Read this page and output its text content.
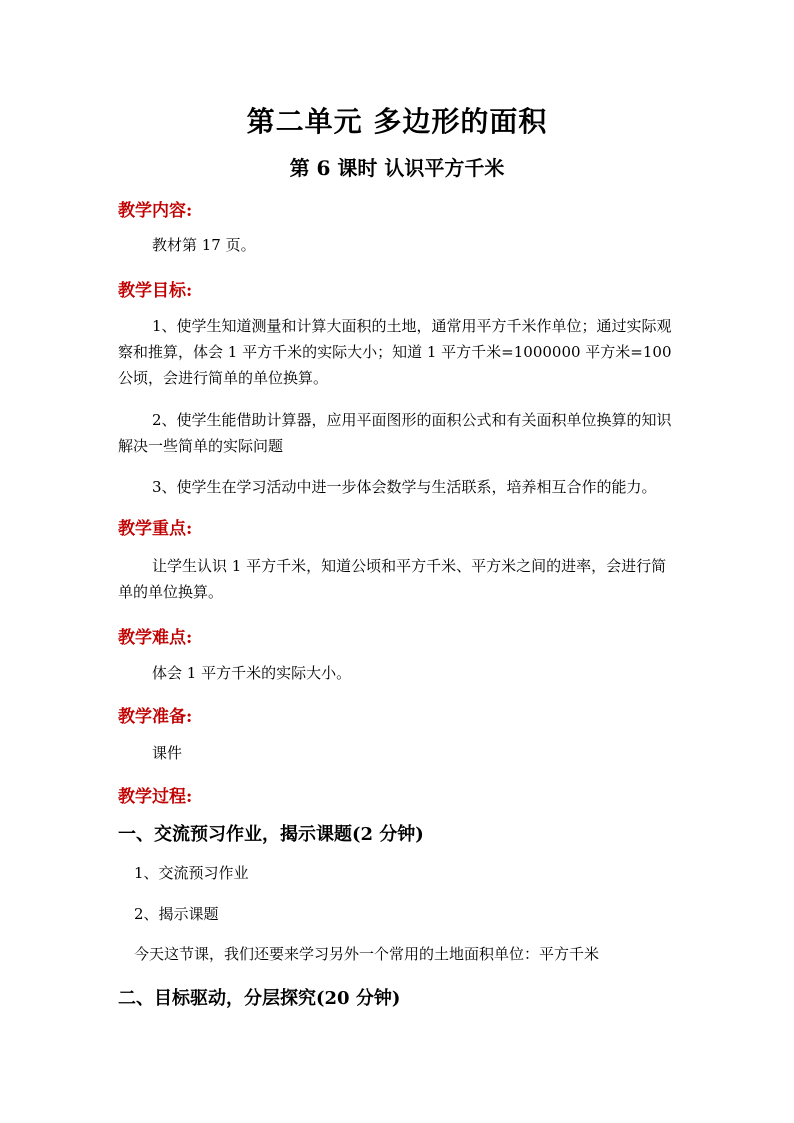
第二单元 多边形的面积
第 6 课时 认识平方千米
教学内容:
教材第 17 页。
教学目标:
1、使学生知道测量和计算大面积的土地，通常用平方千米作单位；通过实际观察和推算，体会 1 平方千米的实际大小；知道 1 平方千米=1000000 平方米=100 公顷，会进行简单的单位换算。
2、使学生能借助计算器，应用平面图形的面积公式和有关面积单位换算的知识解决一些简单的实际问题
3、使学生在学习活动中进一步体会数学与生活联系，培养相互合作的能力。
教学重点:
让学生认识 1 平方千米，知道公顷和平方千米、平方米之间的进率，会进行简单的单位换算。
教学难点:
体会 1 平方千米的实际大小。
教学准备:
课件
教学过程:
一、交流预习作业，揭示课题(2 分钟)
1、交流预习作业
2、揭示课题
今天这节课，我们还要来学习另外一个常用的土地面积单位：平方千米
二、目标驱动，分层探究(20 分钟)
